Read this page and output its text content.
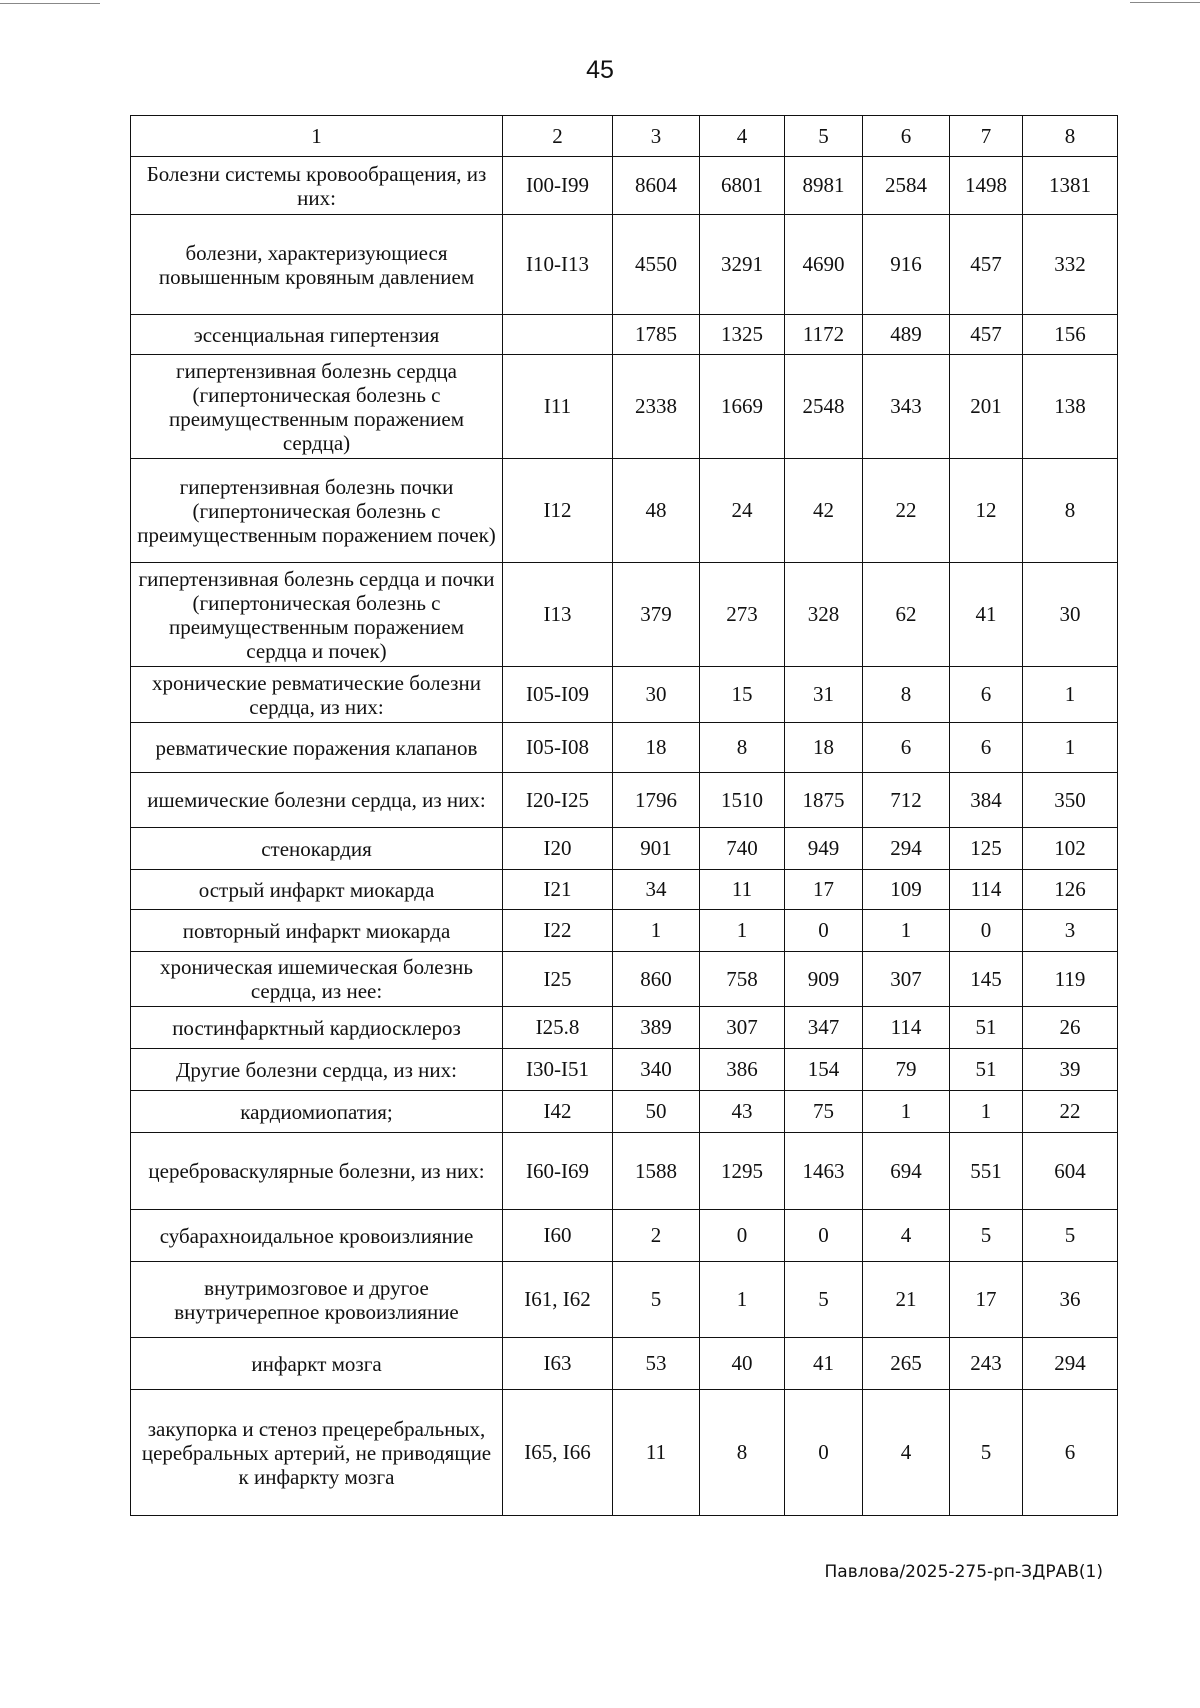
45
1	2	3	4	5	6	7	8
Болезни системы кровообращения, из них:	I00-I99	8604	6801	8981	2584	1498	1381
болезни, характеризующиеся повышенным кровяным давлением	I10-I13	4550	3291	4690	916	457	332
эссенциальная гипертензия		1785	1325	1172	489	457	156
гипертензивная болезнь сердца (гипертоническая болезнь с преимущественным поражением сердца)	I11	2338	1669	2548	343	201	138
гипертензивная болезнь почки (гипертоническая болезнь с преимущественным поражением почек)	I12	48	24	42	22	12	8
гипертензивная болезнь сердца и почки (гипертоническая болезнь с преимущественным поражением сердца и почек)	I13	379	273	328	62	41	30
хронические ревматические болезни сердца, из них:	I05-I09	30	15	31	8	6	1
ревматические поражения клапанов	I05-I08	18	8	18	6	6	1
ишемические болезни сердца, из них:	I20-I25	1796	1510	1875	712	384	350
стенокардия	I20	901	740	949	294	125	102
острый инфаркт миокарда	I21	34	11	17	109	114	126
повторный инфаркт миокарда	I22	1	1	0	1	0	3
хроническая ишемическая болезнь сердца, из нее:	I25	860	758	909	307	145	119
постинфарктный кардиосклероз	I25.8	389	307	347	114	51	26
Другие болезни сердца, из них:	I30-I51	340	386	154	79	51	39
кардиомиопатия;	I42	50	43	75	1	1	22
цереброваскулярные болезни, из них:	I60-I69	1588	1295	1463	694	551	604
субарахноидальное кровоизлияние	I60	2	0	0	4	5	5
внутримозговое и другое внутричерепное кровоизлияние	I61, I62	5	1	5	21	17	36
инфаркт мозга	I63	53	40	41	265	243	294
закупорка и стеноз прецеребральных, церебральных артерий, не приводящие к инфаркту мозга	I65, I66	11	8	0	4	5	6
Павлова/2025-275-рп-ЗДРАВ(1)
